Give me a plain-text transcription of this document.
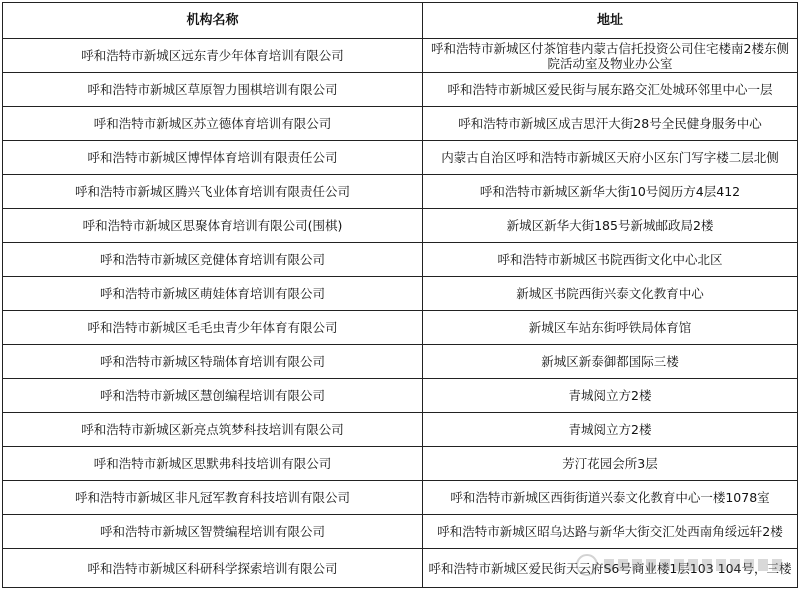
机构名称	地址
呼和浩特市新城区远东青少年体育培训有限公司	呼和浩特市新城区付茶馆巷内蒙古信托投资公司住宅楼南2楼东侧院活动室及物业办公室
呼和浩特市新城区草原智力围棋培训有限公司	呼和浩特市新城区爱民街与展东路交汇处城环邻里中心一层
呼和浩特市新城区苏立德体育培训有限公司	呼和浩特市新城区成吉思汗大街28号全民健身服务中心
呼和浩特市新城区博悍体育培训有限责任公司	内蒙古自治区呼和浩特市新城区天府小区东门写字楼二层北侧
呼和浩特市新城区腾兴飞业体育培训有限责任公司	呼和浩特市新城区新华大街10号阅历方4层412
呼和浩特市新城区思聚体育培训有限公司(围棋)	新城区新华大街185号新城邮政局2楼
呼和浩特市新城区竞健体育培训有限公司	呼和浩特市新城区书院西街文化中心北区
呼和浩特市新城区萌娃体育培训有限公司	新城区书院西街兴泰文化教育中心
呼和浩特市新城区毛毛虫青少年体育有限公司	新城区车站东街呼铁局体育馆
呼和浩特市新城区特瑞体育培训有限公司	新城区新泰御都国际三楼
呼和浩特市新城区慧创编程培训有限公司	青城阅立方2楼
呼和浩特市新城区新亮点筑梦科技培训有限公司	青城阅立方2楼
呼和浩特市新城区思默弗科技培训有限公司	芳汀花园会所3层
呼和浩特市新城区非凡冠军教育科技培训有限公司	呼和浩特市新城区西街街道兴泰文化教育中心一楼1078室
呼和浩特市新城区智赞编程培训有限公司	呼和浩特市新城区昭乌达路与新华大街交汇处西南角绥远轩2楼
呼和浩特市新城区科研科学探索培训有限公司	呼和浩特市新城区爱民街天云府S6号商业楼1层103 104号，三楼
